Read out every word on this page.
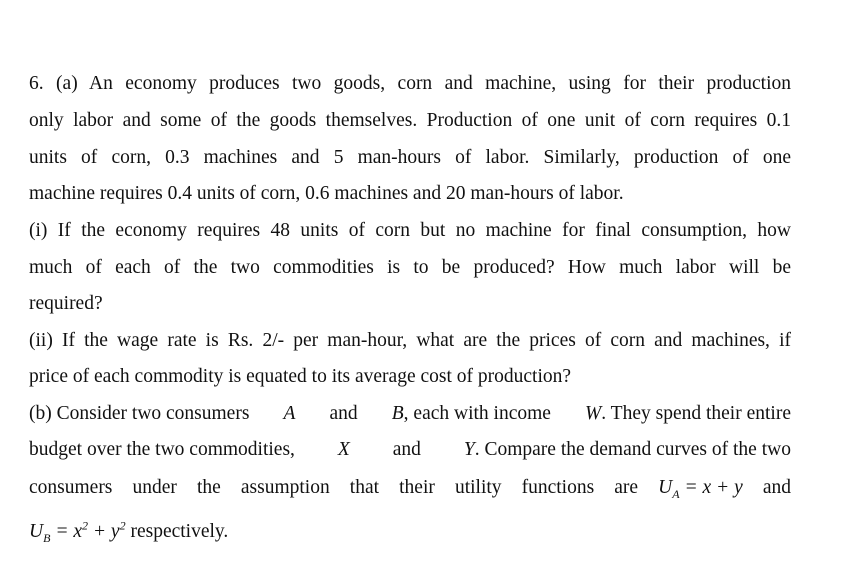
6. (a) An economy produces two goods, corn and machine, using for their production
only labor and some of the goods themselves. Production of one unit of corn requires 0.1
units of corn, 0.3 machines and 5 man-hours of labor. Similarly, production of one
machine requires 0.4 units of corn, 0.6 machines and 20 man-hours of labor.
(i) If the economy requires 48 units of corn but no machine for final consumption, how
much of each of the two commodities is to be produced? How much labor will be
required?
(ii) If the wage rate is Rs. 2/- per man-hour, what are the prices of corn and machines, if
price of each commodity is equated to its average cost of production?
(b) Consider two consumers A and B, each with income W. They spend their entire
budget over the two commodities, X and Y. Compare the demand curves of the two
consumers under the assumption that their utility functions are $U_A = x + y$ and
$U_B = x^2 + y^2$ respectively.
